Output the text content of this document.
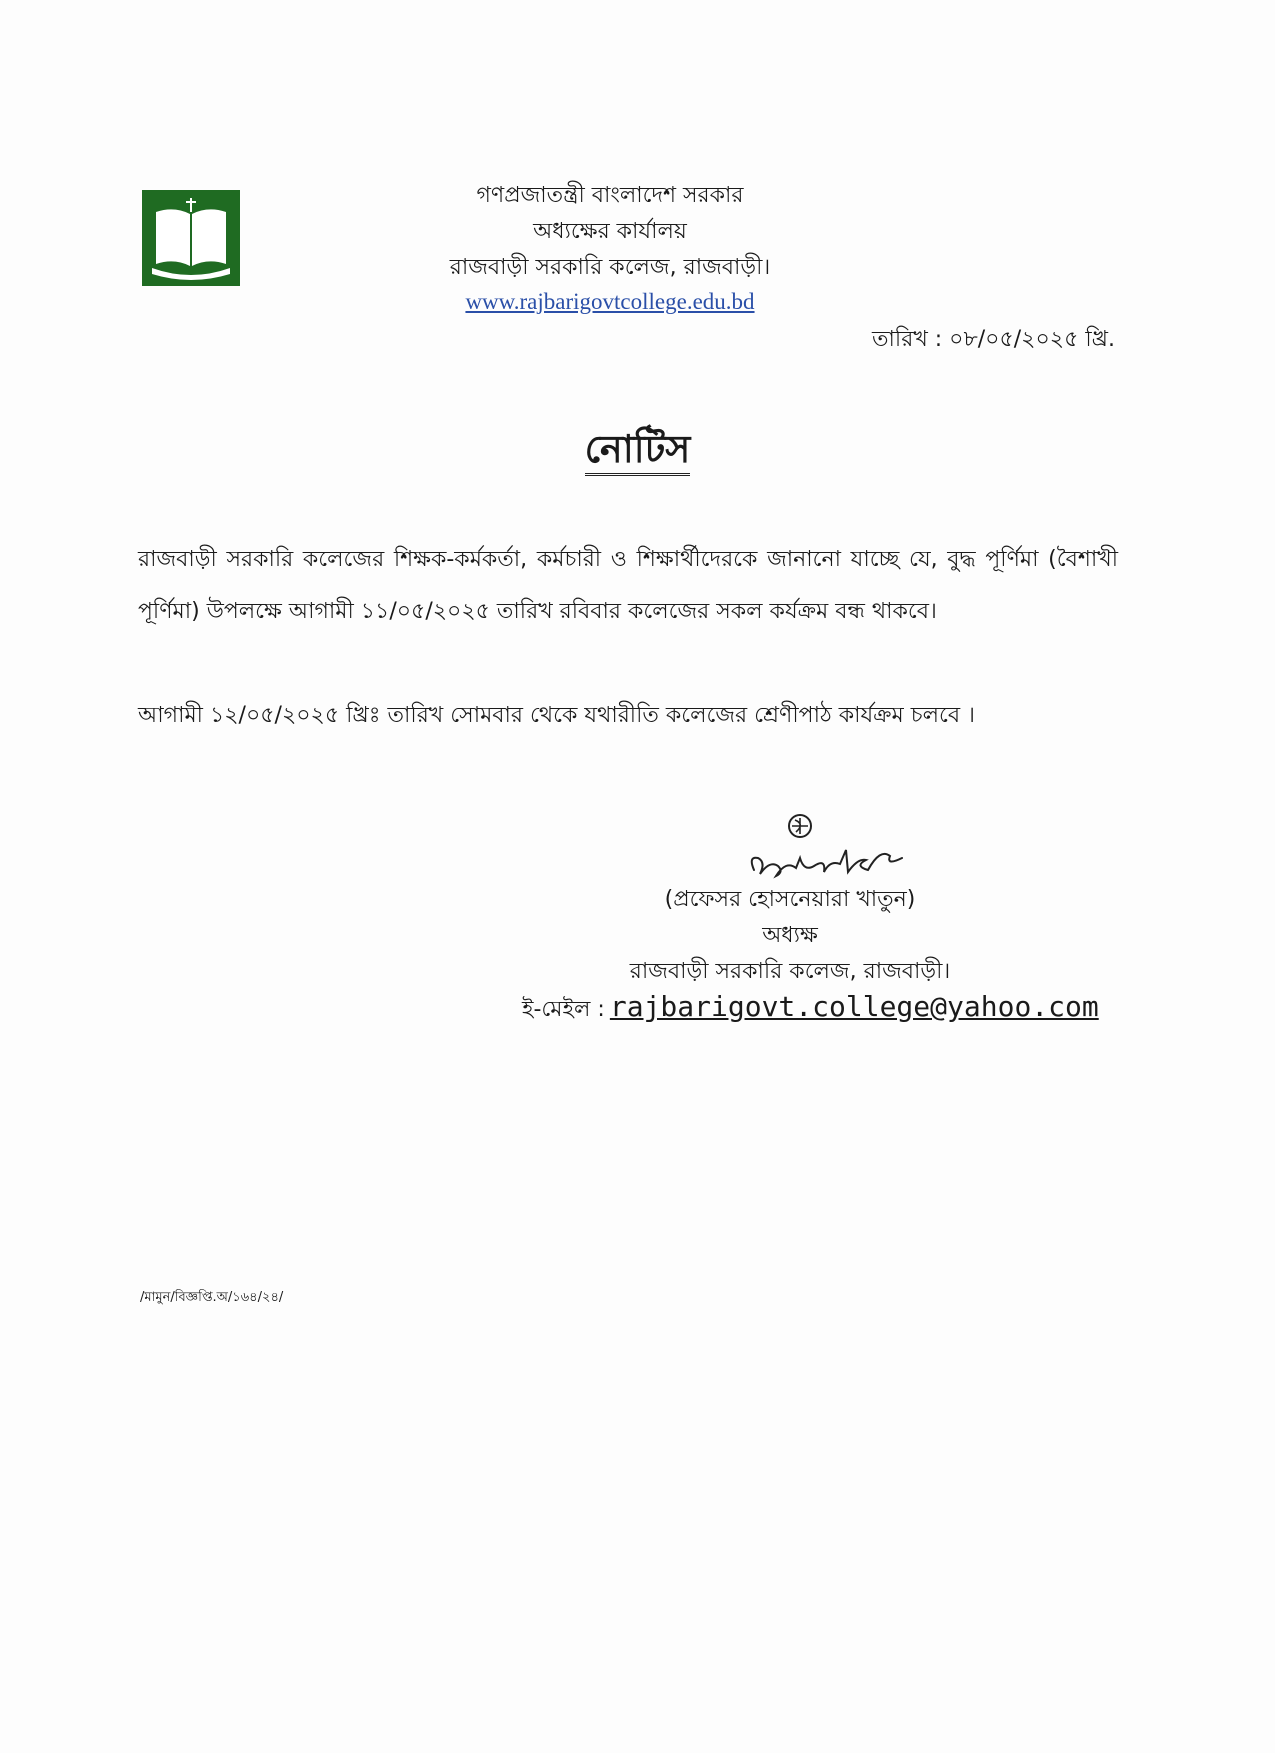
গণপ্রজাতন্ত্রী বাংলাদেশ সরকার
অধ্যক্ষের কার্যালয়
রাজবাড়ী সরকারি কলেজ, রাজবাড়ী।
www.rajbarigovtcollege.edu.bd
তারিখ : ০৮/০৫/২০২৫ খ্রি.
নোটিস
রাজবাড়ী সরকারি কলেজের শিক্ষক-কর্মকর্তা, কর্মচারী ও শিক্ষার্থীদেরকে জানানো যাচ্ছে যে, বুদ্ধ পূর্ণিমা (বৈশাখী পূর্ণিমা) উপলক্ষে আগামী ১১/০৫/২০২৫ তারিখ রবিবার কলেজের সকল কর্যক্রম বন্ধ থাকবে।
আগামী ১২/০৫/২০২৫ খ্রিঃ তারিখ সোমবার থেকে যথারীতি কলেজের শ্রেণীপাঠ কার্যক্রম চলবে ।
(প্রফেসর হোসনেয়ারা খাতুন)
অধ্যক্ষ
রাজবাড়ী সরকারি কলেজ, রাজবাড়ী।
ই-মেইল : rajbarigovt.college@yahoo.com
/মামুন/বিজ্ঞপ্তি.অ/১৬৪/২৪/
